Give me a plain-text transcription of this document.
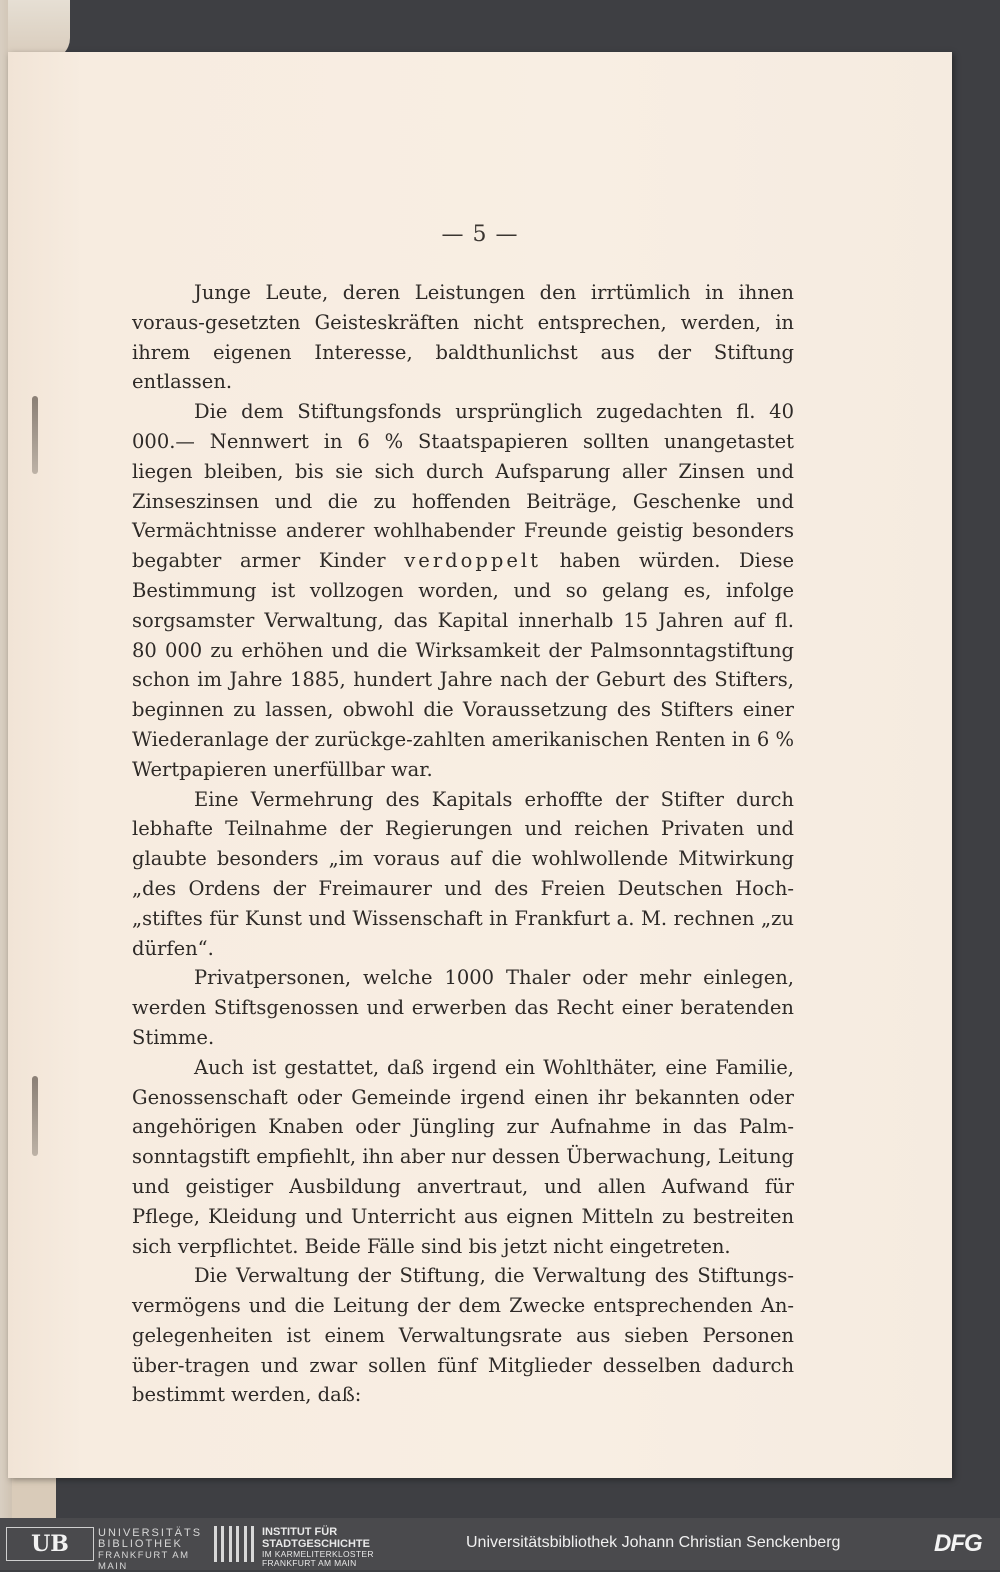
— 5 —

Junge Leute, deren Leistungen den irrtümlich in ihnen voraus-gesetzten Geisteskräften nicht entsprechen, werden, in ihrem eigenen Interesse, baldthunlichst aus der Stiftung entlassen.

Die dem Stiftungsfonds ursprünglich zugedachten fl. 40 000.— Nennwert in 6 % Staatspapieren sollten unangetastet liegen bleiben, bis sie sich durch Aufsparung aller Zinsen und Zinseszinsen und die zu hoffenden Beiträge, Geschenke und Vermächtnisse anderer wohlhabender Freunde geistig besonders begabter armer Kinder verdoppelt haben würden. Diese Bestimmung ist vollzogen worden, und so gelang es, infolge sorgsamster Verwaltung, das Kapital innerhalb 15 Jahren auf fl. 80 000 zu erhöhen und die Wirksamkeit der Palmsonntagstiftung schon im Jahre 1885, hundert Jahre nach der Geburt des Stifters, beginnen zu lassen, obwohl die Voraussetzung des Stifters einer Wiederanlage der zurückge-zahlten amerikanischen Renten in 6 % Wertpapieren unerfüllbar war.

Eine Vermehrung des Kapitals erhoffte der Stifter durch lebhafte Teilnahme der Regierungen und reichen Privaten und glaubte besonders „im voraus auf die wohlwollende Mitwirkung „des Ordens der Freimaurer und des Freien Deutschen Hoch-„stiftes für Kunst und Wissenschaft in Frankfurt a. M. rechnen „zu dürfen“.

Privatpersonen, welche 1000 Thaler oder mehr einlegen, werden Stiftsgenossen und erwerben das Recht einer beratenden Stimme.

Auch ist gestattet, daß irgend ein Wohlthäter, eine Familie, Genossenschaft oder Gemeinde irgend einen ihr bekannten oder angehörigen Knaben oder Jüngling zur Aufnahme in das Palm-sonntagstift empfiehlt, ihn aber nur dessen Überwachung, Leitung und geistiger Ausbildung anvertraut, und allen Aufwand für Pflege, Kleidung und Unterricht aus eignen Mitteln zu bestreiten sich verpflichtet. Beide Fälle sind bis jetzt nicht eingetreten.

Die Verwaltung der Stiftung, die Verwaltung des Stiftungs-vermögens und die Leitung der dem Zwecke entsprechenden An-gelegenheiten ist einem Verwaltungsrate aus sieben Personen über-tragen und zwar sollen fünf Mitglieder desselben dadurch bestimmt werden, daß:

UB	UNIVERSITÄTS
BIBLIOTHEK
FRANKFURT AM MAIN
INSTITUT FÜR
STADTGESCHICHTE
IM KARMELITERKLOSTER
FRANKFURT AM MAIN
Universitätsbibliothek Johann Christian Senckenberg	DFG
